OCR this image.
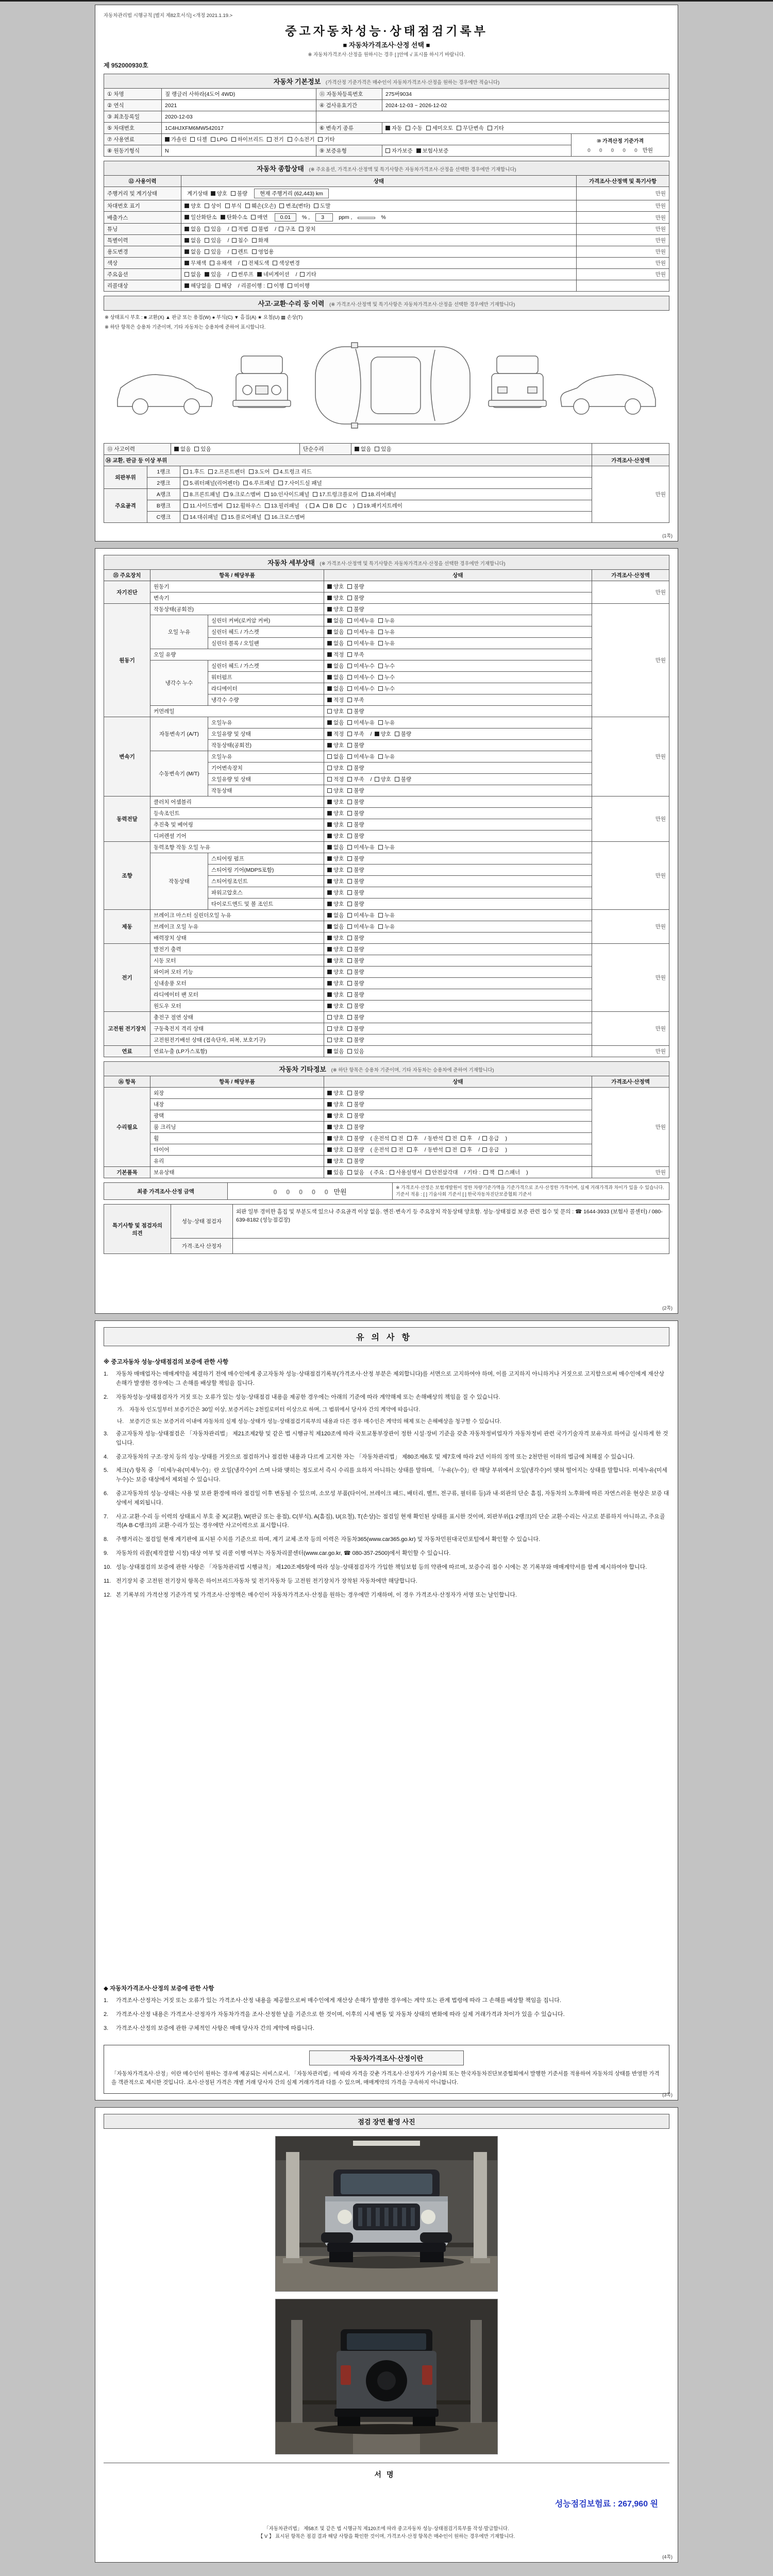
자동차관리법 시행규칙 [별지 제82호서식] <개정 2021.1.19.>
중고자동차성능·상태점검기록부
■ 자동차가격조사·산정 선택 ■
※ 자동차가격조사·산정을 원하시는 경우 [ ]안에 √ 표시를 하시기 바랍니다.
제 952000930호
자동차 기본정보 (가격산정 기준가격은 매수인이 자동차가격조사·산정을 원하는 경우에만 적습니다)
① 차명	짚 랭글러 사하라(4도어 4WD)	⑪ 자동차등록번호	275버9034	
② 연식	2021	④ 검사유효기간	2024-12-03 ~ 2026-12-02	
③ 최초등록일	2020-12-03			
⑤ 차대번호	1C4HJXFM6MW542017	⑥ 변속기 종류	자동 수동 세미오토 무단변속 기타	
⑦ 사용연료	가솔린 디젤 LPG 하이브리드 전기 수소전기 기타			⑩ 가격산정 기준가격
0 0 0 0 0 만원

⑧ 원동기형식	N	⑨ 보증유형	자가보증 보험사보증	
자동차 종합상태 (※ 주요옵션, 가격조사·산정액 및 특기사항은 자동차가격조사·산정을 선택한 경우에만 기재합니다)
⑫ 사용이력	상태	가격조사·산정액 및 특기사항
주행거리 및 계기상태	계기상태 양호 불량 현재 주행거리 (62,443) km	만원
차대번호 표기	양호 상이 부식 훼손(오손) 변조(변타) 도말	만원
배출가스	일산화탄소 탄화수소 매연 0.01 % , 3 ppm , %	만원
튜닝	없음 있음 / 적법 불법 / 구조 장치	만원
특별이력	없음 있음 / 침수 화재	만원
용도변경	없음 있음 / 렌트 영업용	만원
색상	무채색 유채색 / 전체도색 색상변경	만원
주요옵션	없음 있음 / 썬루프 네비게이션 / 기타	만원
리콜대상	해당없음 해당 / 리콜이행 : 이행 미이행	
사고·교환·수리 등 이력 (※ 가격조사·산정액 및 특기사항은 자동차가격조사·산정을 선택한 경우에만 기재합니다)
※ 상태표시 부호 : ■ 교환(X) ▲ 판금 또는 용접(W) ● 부식(C) ▼ 흠집(A) ★ 요철(U) ▦ 손상(T)
※ 하단 항목은 승용차 기준이며, 기타 자동차는 승용차에 준하여 표시합니다.
⑬ 사고이력	없음 있음	단순수리	없음 있음	
⑭ 교환, 판금 등 이상 부위			가격조사·산정액
외판부위	1랭크	1.후드 2.프론트펜더 3.도어 4.트렁크 리드	만원
	2랭크	5.쿼터패널(리어펜더) 6.루프패널 7.사이드실 패널	
주요골격	A랭크	8.프론트패널 9.크로스멤버 10.인사이드패널 17.트렁크플로어 18.리어패널	
	B랭크	11.사이드멤버 12.휠하우스 13.필러패널 ( A B C ) 19.패키지트레이	
	C랭크	14.대쉬패널 15.플로어패널 16.크로스멤버	
(1쪽)
자동차 세부상태 (※ 가격조사·산정액 및 특기사항은 자동차가격조사·산정을 선택한 경우에만 기재합니다)
⑮ 주요장치	항목 / 해당부품		상태	가격조사·산정액
자기진단	원동기		양호 불량	만원
	변속기		양호 불량	
원동기	작동상태(공회전)		양호 불량	만원
	오일 누유	실린더 커버(로커암 커버)	없음 미세누유 누유	
		실린더 헤드 / 가스켓	없음 미세누유 누유	
		실린더 블록 / 오일팬	없음 미세누유 누유	
	오일 유량		적정 부족	
	냉각수 누수	실린더 헤드 / 가스켓	없음 미세누수 누수	
		워터펌프	없음 미세누수 누수	
		라디에이터	없음 미세누수 누수	
		냉각수 수량	적정 부족	
	커먼레일		양호 불량	
변속기	자동변속기 (A/T)	오일누유	없음 미세누유 누유	만원
		오일유량 및 상태	적정 부족 / 양호 불량	
		작동상태(공회전)	양호 불량	
	수동변속기 (M/T)	오일누유	없음 미세누유 누유	
		기어변속장치	양호 불량	
		오일유량 및 상태	적정 부족 / 양호 불량	
		작동상태	양호 불량	
동력전달	클러치 어셈블리		양호 불량	만원
	등속조인트		양호 불량	
	추진축 및 베어링		양호 불량	
	디퍼렌셜 기어		양호 불량	
조향	동력조향 작동 오일 누유		없음 미세누유 누유	만원
	작동상태	스티어링 펌프	양호 불량	
		스티어링 기어(MDPS포함)	양호 불량	
		스티어링조인트	양호 불량	
		파워고압호스	양호 불량	
		타이로드엔드 및 볼 조인트	양호 불량	
제동	브레이크 마스터 실린더오일 누유		없음 미세누유 누유	만원
	브레이크 오일 누유		없음 미세누유 누유	
	배력장치 상태		양호 불량	
전기	발전기 출력		양호 불량	만원
	시동 모터		양호 불량	
	와이퍼 모터 기능		양호 불량	
	실내송풍 모터		양호 불량	
	라디에이터 팬 모터		양호 불량	
	원도우 모터		양호 불량	
고전원 전기장치	충전구 절연 상태		양호 불량	만원
	구동축전지 격리 상태		양호 불량	
	고전원전기배선 상태 (접속단자, 피복, 보호기구)		양호 불량	
연료	연료누출 (LP가스포함)		없음 있음	만원
자동차 기타정보 (※ 하단 항목은 승용차 기준이며, 기타 자동차는 승용차에 준하여 기재합니다)
⑯ 항목	항목 / 해당부품	상태	가격조사·산정액
수리필요	외장	양호 불량	만원
	내장	양호 불량	
	광택	양호 불량	
	룸 크리닝	양호 불량	
	휠	양호 불량 ( 운전석 전 후 / 동반석 전 후 / 응급 )	
	타이어	양호 불량 ( 운전석 전 후 / 동반석 전 후 / 응급 )	
	유리	양호 불량	
기본품목	보유상태	있음 없음 ( 주요 : 사용설명서 안전삼각대 / 기타 : 잭 스패너 )	만원
최종 가격조사·산정 금액	0 0 0 0 0 만원	
※ 가격조사·산정은 보험개발원이 정한 차량기준가액을 기준가격으로 조사·산정한 가격이며, 실제 거래가격과 차이가 있을 수 있습니다.
기준서 적용 : [ ] 기술사회 기준서 [ ] 한국자동차진단보증협회 기준서
특기사항 및 점검자의 의견	성능·상태 점검자	외판 일부 경미한 흠집 및 부분도색 있으나 주요골격 이상 없음. 엔진·변속기 등 주요장치 작동상태 양호함. 성능·상태점검 보증 관련 접수 및 문의 : ☎ 1644-3933 (보험사 콜센터) / 080-639-8182 (성능점검장)
	가격·조사 산정자	
(2쪽)
유의사항
※ 중고자동차 성능·상태점검의 보증에 관한 사항
1.	자동차 매매업자는 매매계약을 체결하기 전에 매수인에게 중고자동차 성능·상태점검기록부(가격조사·산정 부분은 제외합니다)를 서면으로 고지하여야 하며, 이를 고지하지 아니하거나 거짓으로 고지함으로써 매수인에게 재산상 손해가 발생한 경우에는 그 손해를 배상할 책임을 집니다.
2.	자동차성능·상태점검자가 거짓 또는 오류가 있는 성능·상태점검 내용을 제공한 경우에는 아래의 기준에 따라 계약해제 또는 손해배상의 책임을 질 수 있습니다.
가.	자동차 인도일부터 보증기간은 30일 이상, 보증거리는 2천킬로미터 이상으로 하며, 그 범위에서 당사자 간의 계약에 따릅니다.
나.	보증기간 또는 보증거리 이내에 자동차의 실제 성능·상태가 성능·상태점검기록부의 내용과 다른 경우 매수인은 계약의 해제 또는 손해배상을 청구할 수 있습니다.
3.	중고자동차 성능·상태점검은 「자동차관리법」 제21조제2항 및 같은 법 시행규칙 제120조에 따라 국토교통부장관이 정한 시설·장비 기준을 갖춘 자동차정비업자가 자동차정비 관련 국가기술자격 보유자로 하여금 실시하게 한 것입니다.
4.	중고자동차의 구조·장치 등의 성능·상태를 거짓으로 점검하거나 점검한 내용과 다르게 고지한 자는 「자동차관리법」 제80조제6호 및 제7호에 따라 2년 이하의 징역 또는 2천만원 이하의 벌금에 처해질 수 있습니다.
5.	체크(√) 항목 중 「미세누유(미세누수)」란 오일(냉각수)이 스며 나와 맺히는 정도로서 즉시 수리를 요하지 아니하는 상태를 말하며, 「누유(누수)」란 해당 부위에서 오일(냉각수)이 맺혀 떨어지는 상태를 말합니다. 미세누유(미세누수)는 보증 대상에서 제외될 수 있습니다.
6.	중고자동차의 성능·상태는 사용 및 보관 환경에 따라 점검일 이후 변동될 수 있으며, 소모성 부품(타이어, 브레이크 패드, 배터리, 벨트, 전구류, 필터류 등)과 내·외관의 단순 흠집, 자동차의 노후화에 따른 자연스러운 현상은 보증 대상에서 제외됩니다.
7.	사고·교환·수리 등 이력의 상태표시 부호 중 X(교환), W(판금 또는 용접), C(부식), A(흠집), U(요철), T(손상)는 점검일 현재 확인된 상태를 표시한 것이며, 외판부위(1·2랭크)의 단순 교환·수리는 사고로 분류하지 아니하고, 주요골격(A·B·C랭크)의 교환·수리가 있는 경우에만 사고이력으로 표시합니다.
8.	주행거리는 점검일 현재 계기판에 표시된 수치를 기준으로 하며, 계기 교체·조작 등의 이력은 자동차365(www.car365.go.kr) 및 자동차민원대국민포털에서 확인할 수 있습니다.
9.	자동차의 리콜(제작결함 시정) 대상 여부 및 리콜 이행 여부는 자동차리콜센터(www.car.go.kr, ☎ 080-357-2500)에서 확인할 수 있습니다.
10. 성능·상태점검의 보증에 관한 사항은 「자동차관리법 시행규칙」 제120조제5항에 따라 성능·상태점검자가 가입한 책임보험 등의 약관에 따르며, 보증수리 접수 시에는 본 기록부와 매매계약서를 함께 제시하여야 합니다.
11. 전기장치 중 고전원 전기장치 항목은 하이브리드자동차 및 전기자동차 등 고전원 전기장치가 장착된 자동차에만 해당합니다.
12. 본 기록부의 가격산정 기준가격 및 가격조사·산정액은 매수인이 자동차가격조사·산정을 원하는 경우에만 기재하며, 이 경우 가격조사·산정자가 서명 또는 날인합니다.
◆ 자동차가격조사·산정의 보증에 관한 사항
1.	가격조사·산정자는 거짓 또는 오류가 있는 가격조사·산정 내용을 제공함으로써 매수인에게 재산상 손해가 발생한 경우에는 계약 또는 관계 법령에 따라 그 손해를 배상할 책임을 집니다.
2.	가격조사·산정 내용은 가격조사·산정자가 자동차가격을 조사·산정한 날을 기준으로 한 것이며, 이후의 시세 변동 및 자동차 상태의 변화에 따라 실제 거래가격과 차이가 있을 수 있습니다.
3.	가격조사·산정의 보증에 관한 구체적인 사항은 매매 당사자 간의 계약에 따릅니다.
자동차가격조사·산정이란
「자동차가격조사·산정」이란 매수인이 원하는 경우에 제공되는 서비스로서, 「자동차관리법」에 따라 자격을 갖춘 가격조사·산정자가 기술사회 또는 한국자동차진단보증협회에서 발행한 기준서를 적용하여 자동차의 상태를 반영한 가격을 객관적으로 제시한 것입니다. 조사·산정된 가격은 개별 거래 당사자 간의 실제 거래가격과 다를 수 있으며, 매매계약의 가격을 구속하지 아니합니다.
(3쪽)
점검 장면 촬영 사진
서명
성능점검보험료 : 267,960 원
「자동차관리법」 제58조 및 같은 법 시행규칙 제120조에 따라 중고자동차 성능·상태점검기록부를 작성·발급합니다.
【 V 】 표시된 항목은 점검 결과 해당 사항을 확인한 것이며, 가격조사·산정 항목은 매수인이 원하는 경우에만 기재합니다.
(4쪽)
